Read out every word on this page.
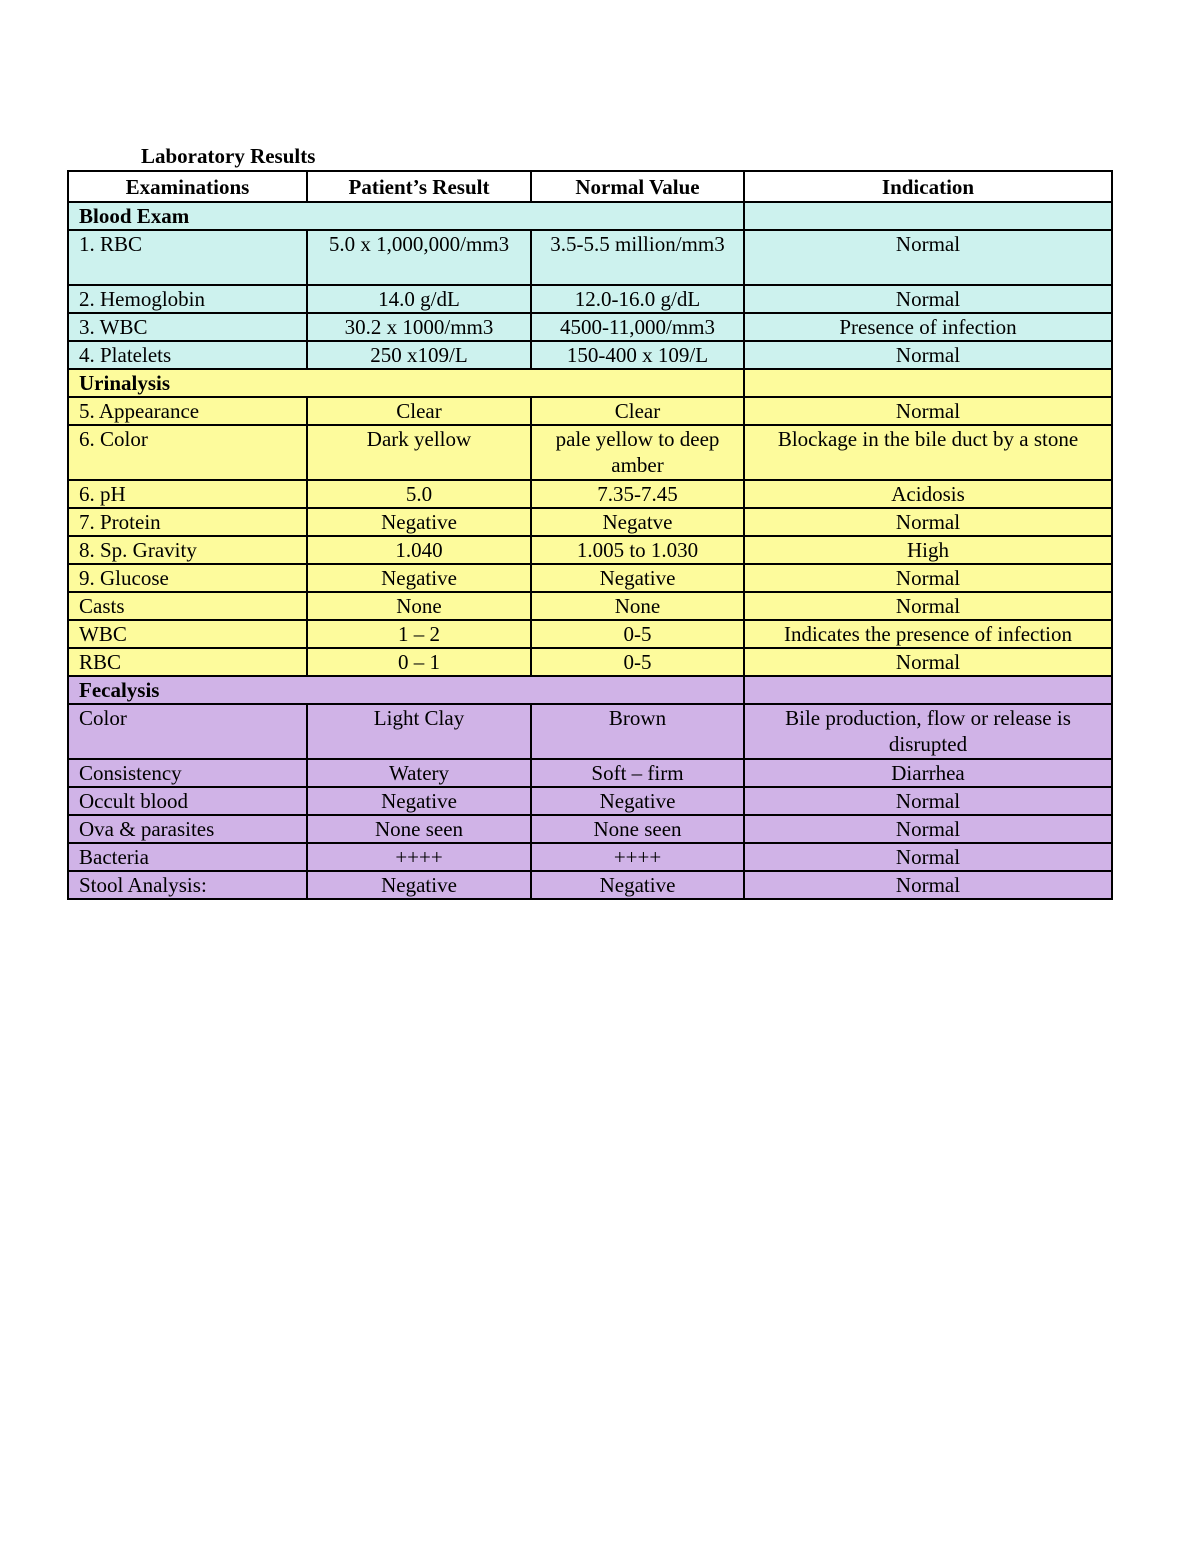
Laboratory Results
Examinations	Patient’s Result	Normal Value	Indication
Blood Exam			
1. RBC	5.0 x 1,000,000/mm3	3.5-5.5 million/mm3	Normal
2. Hemoglobin	14.0 g/dL	12.0-16.0 g/dL	Normal
3. WBC	30.2 x 1000/mm3	4500-11,000/mm3	Presence of infection
4. Platelets	250 x109/L	150-400 x 109/L	Normal
Urinalysis			
5. Appearance	Clear	Clear	Normal
6. Color	Dark yellow	pale yellow to deep amber	Blockage in the bile duct by a stone
6. pH	5.0	7.35-7.45	Acidosis
7. Protein	Negative	Negatve	Normal
8. Sp. Gravity	1.040	1.005 to 1.030	High
9. Glucose	Negative	Negative	Normal
Casts	None	None	Normal
WBC	1 – 2	0-5	Indicates the presence of infection
RBC	0 – 1	0-5	Normal
Fecalysis			
Color	Light Clay	Brown	Bile production, flow or release is disrupted
Consistency	Watery	Soft – firm	Diarrhea
Occult blood	Negative	Negative	Normal
Ova & parasites	None seen	None seen	Normal
Bacteria	++++	++++	Normal
Stool Analysis:	Negative	Negative	Normal
